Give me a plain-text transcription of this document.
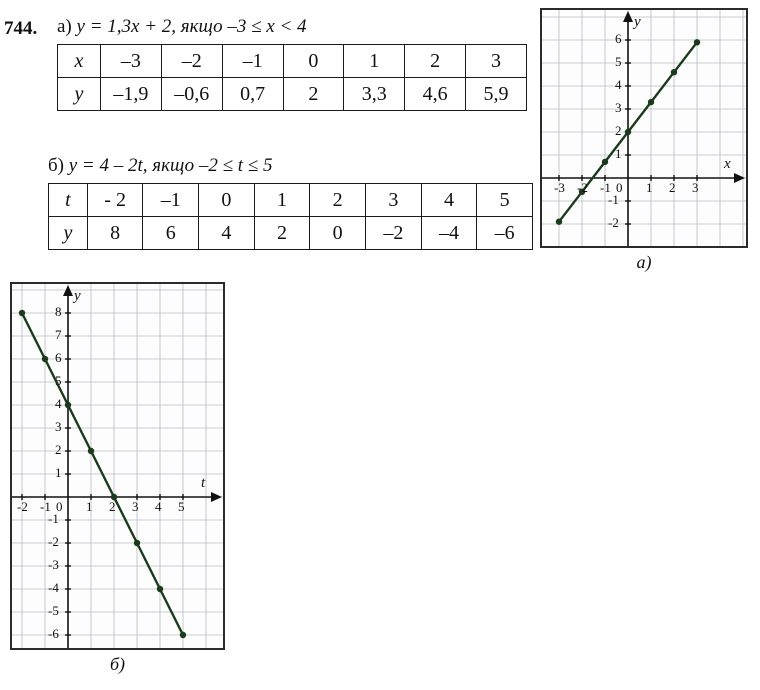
744. а) y = 1,3x + 2, якщо –3 ≤ x < 4
x	–3	–2	–1	0	1	2	3
y	–1,9	–0,6	0,7	2	3,3	4,6	5,9
б) y = 4 – 2t, якщо –2 ≤ t ≤ 5
t	- 2	–1	0	1	2	3	4	5
y	8	6	4	2	0	–2	–4	–6
-3 -2 -1 0 1 2 3
-2
-1
1
2
3
4
5
6
x
y
а)
-2 -1 0 1 2 3 4 5
-6
-5
-4
-3
-2
-1
1
2
3
4
5
6
7
8
t
y
б)
